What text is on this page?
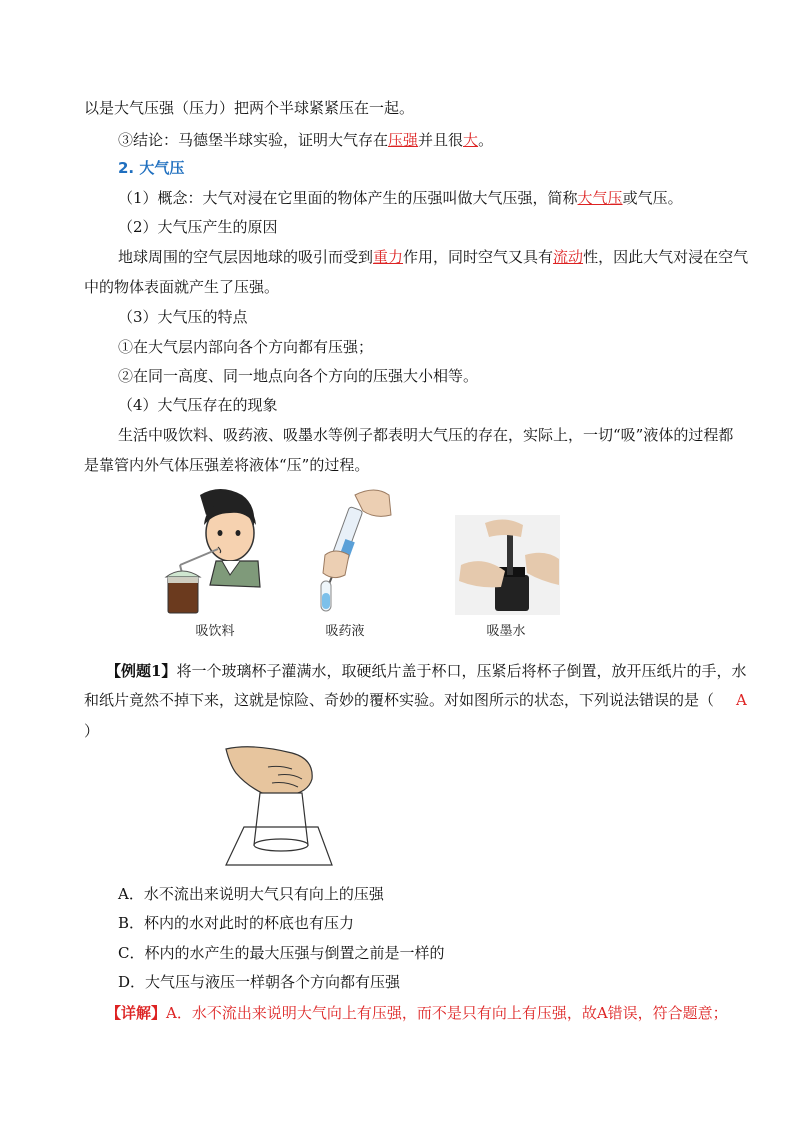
以是大气压强（压力）把两个半球紧紧压在一起。
③结论：马德堡半球实验，证明大气存在压强并且很大。
2. 大气压
（1）概念：大气对浸在它里面的物体产生的压强叫做大气压强，简称大气压或气压。
（2）大气压产生的原因
地球周围的空气层因地球的吸引而受到重力作用，同时空气又具有流动性，因此大气对浸在空气
中的物体表面就产生了压强。
（3）大气压的特点
①在大气层内部向各个方向都有压强；
②在同一高度、同一地点向各个方向的压强大小相等。
（4）大气压存在的现象
生活中吸饮料、吸药液、吸墨水等例子都表明大气压的存在，实际上，一切“吸”液体的过程都
是靠管内外气体压强差将液体“压”的过程。
吸饮料	吸药液	吸墨水
【例题1】将一个玻璃杯子灌满水，取硬纸片盖于杯口，压紧后将杯子倒置，放开压纸片的手，水
和纸片竟然不掉下来，这就是惊险、奇妙的覆杯实验。对如图所示的状态，下列说法错误的是（ A
）
A．水不流出来说明大气只有向上的压强
B．杯内的水对此时的杯底也有压力
C．杯内的水产生的最大压强与倒置之前是一样的
D．大气压与液压一样朝各个方向都有压强
【详解】A．水不流出来说明大气向上有压强，而不是只有向上有压强，故A错误，符合题意；
